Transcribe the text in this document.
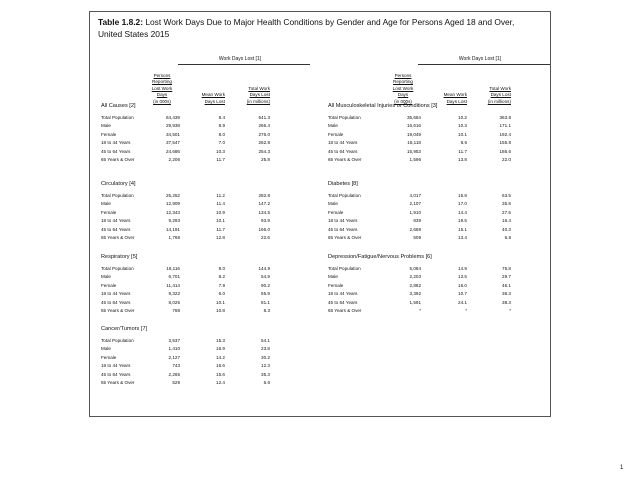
Table 1.8.2: Lost Work Days Due to Major Health Conditions by Gender and Age for Persons Aged 18 and Over,
United States 2015
Work Days Lost [1]
Persons
Reporting
Lost Work
Days
(in 000s)
Mean Work
Days Lost
Total Work
Days Lost
(in millions)
All Causes [2]
Total Population	64,439	8.4	541.3
Male	29,938	8.9	266.4
Female	34,501	8.0	276.0
18 to 44 Years	37,547	7.0	262.8
45 to 64 Years	24,686	10.3	254.3
65 Years & Over	2,206	11.7	25.8
Circulatory [4]
Total Population	25,252	11.2	282.8
Male	12,909	11.4	147.2
Female	12,343	10.9	134.5
18 to 44 Years	9,293	10.1	93.9
45 to 64 Years	14,191	11.7	166.0
65 Years & Over	1,768	12.8	22.6
Respiratory [5]
Total Population	18,116	8.0	144.9
Male	6,701	8.2	54.9
Female	11,414	7.9	90.2
18 to 44 Years	9,322	6.0	55.9
45 to 64 Years	8,025	10.1	81.1
65 Years & Over	768	10.8	8.3
Cancer/Tumors [7]
Total Population	3,537	15.3	54.1
Male	1,410	16.9	23.8
Female	2,127	14.2	30.2
18 to 44 Years	743	16.6	12.3
45 to 64 Years	2,265	15.6	35.3
65 Years & Over	529	12.4	6.6
Work Days Lost [1]
Persons
Reporting
Lost Work
Days
(in 000s)
Mean Work
Days Lost
Total Work
Days Lost
(in millions)
All Musculoskeletal Injuries or Conditions [3]
Total Population	35,664	10.2	363.8
Male	16,616	10.3	171.1
Female	19,049	10.1	192.4
18 to 44 Years	18,118	8.6	155.8
45 to 64 Years	15,953	11.7	186.6
65 Years & Over	1,596	13.8	22.0
Diabetes [8]
Total Population	4,017	15.8	63.5
Male	2,107	17.0	35.8
Female	1,910	14.4	27.5
18 to 44 Years	839	19.5	16.4
45 to 64 Years	2,669	15.1	40.3
65 Years & Over	509	13.4	6.8
Depression/Fatigue/Nervous Problems [6]
Total Population	5,084	14.9	75.8
Male	2,203	13.5	29.7
Female	2,882	16.0	46.1
18 to 44 Years	3,392	10.7	36.3
45 to 64 Years	1,591	24.1	38.3
65 Years & Over	*	*	*
1
